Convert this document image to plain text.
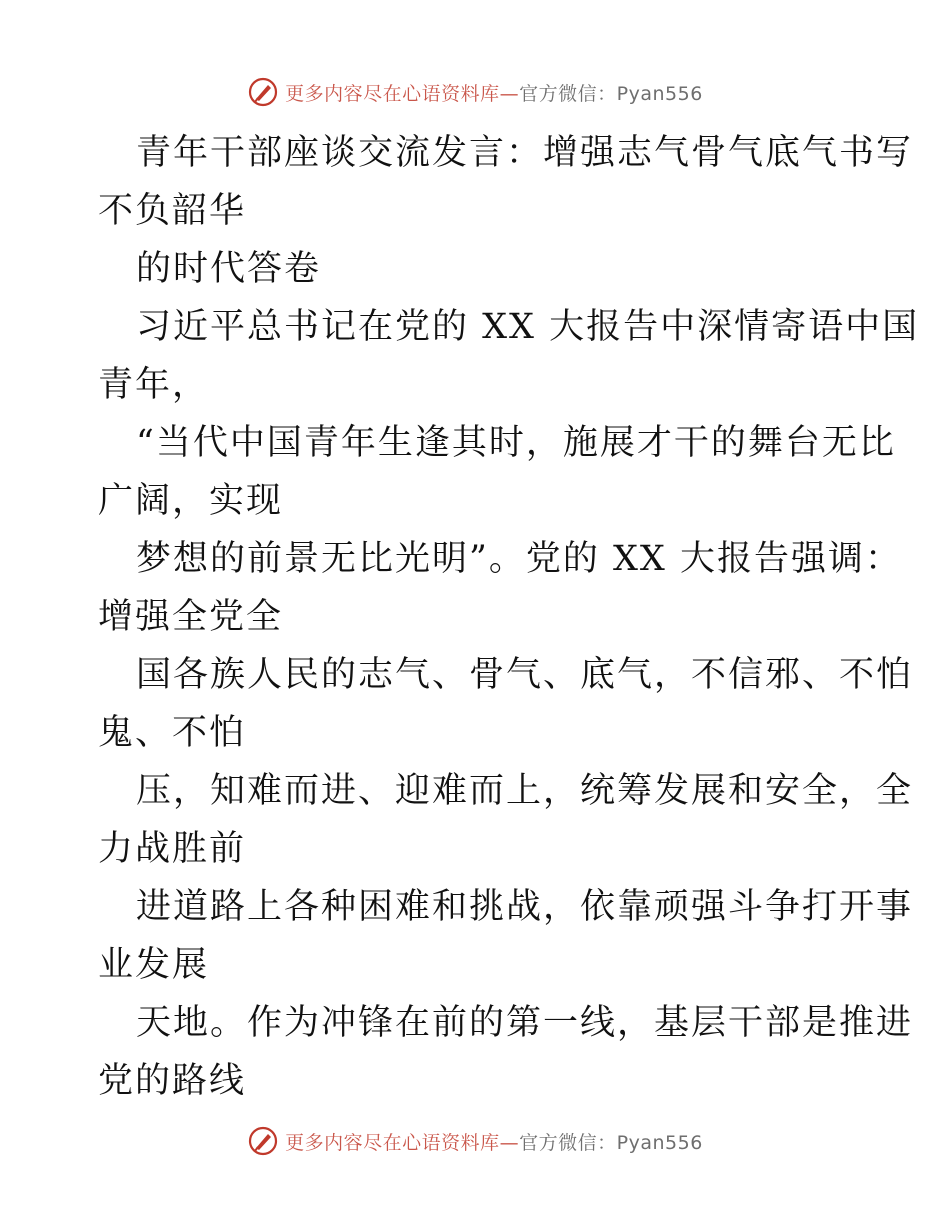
更多内容尽在心语资料库—官方微信：Pyan556
青年干部座谈交流发言：增强志气骨气底气书写
不负韶华
的时代答卷
习近平总书记在党的 XX 大报告中深情寄语中国
青年，
“当代中国青年生逢其时，施展才干的舞台无比
广阔，实现
梦想的前景无比光明”。党的 XX 大报告强调：
增强全党全
国各族人民的志气、骨气、底气，不信邪、不怕
鬼、不怕
压，知难而进、迎难而上，统筹发展和安全，全
力战胜前
进道路上各种困难和挑战，依靠顽强斗争打开事
业发展
天地。作为冲锋在前的第一线，基层干部是推进
党的路线
更多内容尽在心语资料库—官方微信：Pyan556
